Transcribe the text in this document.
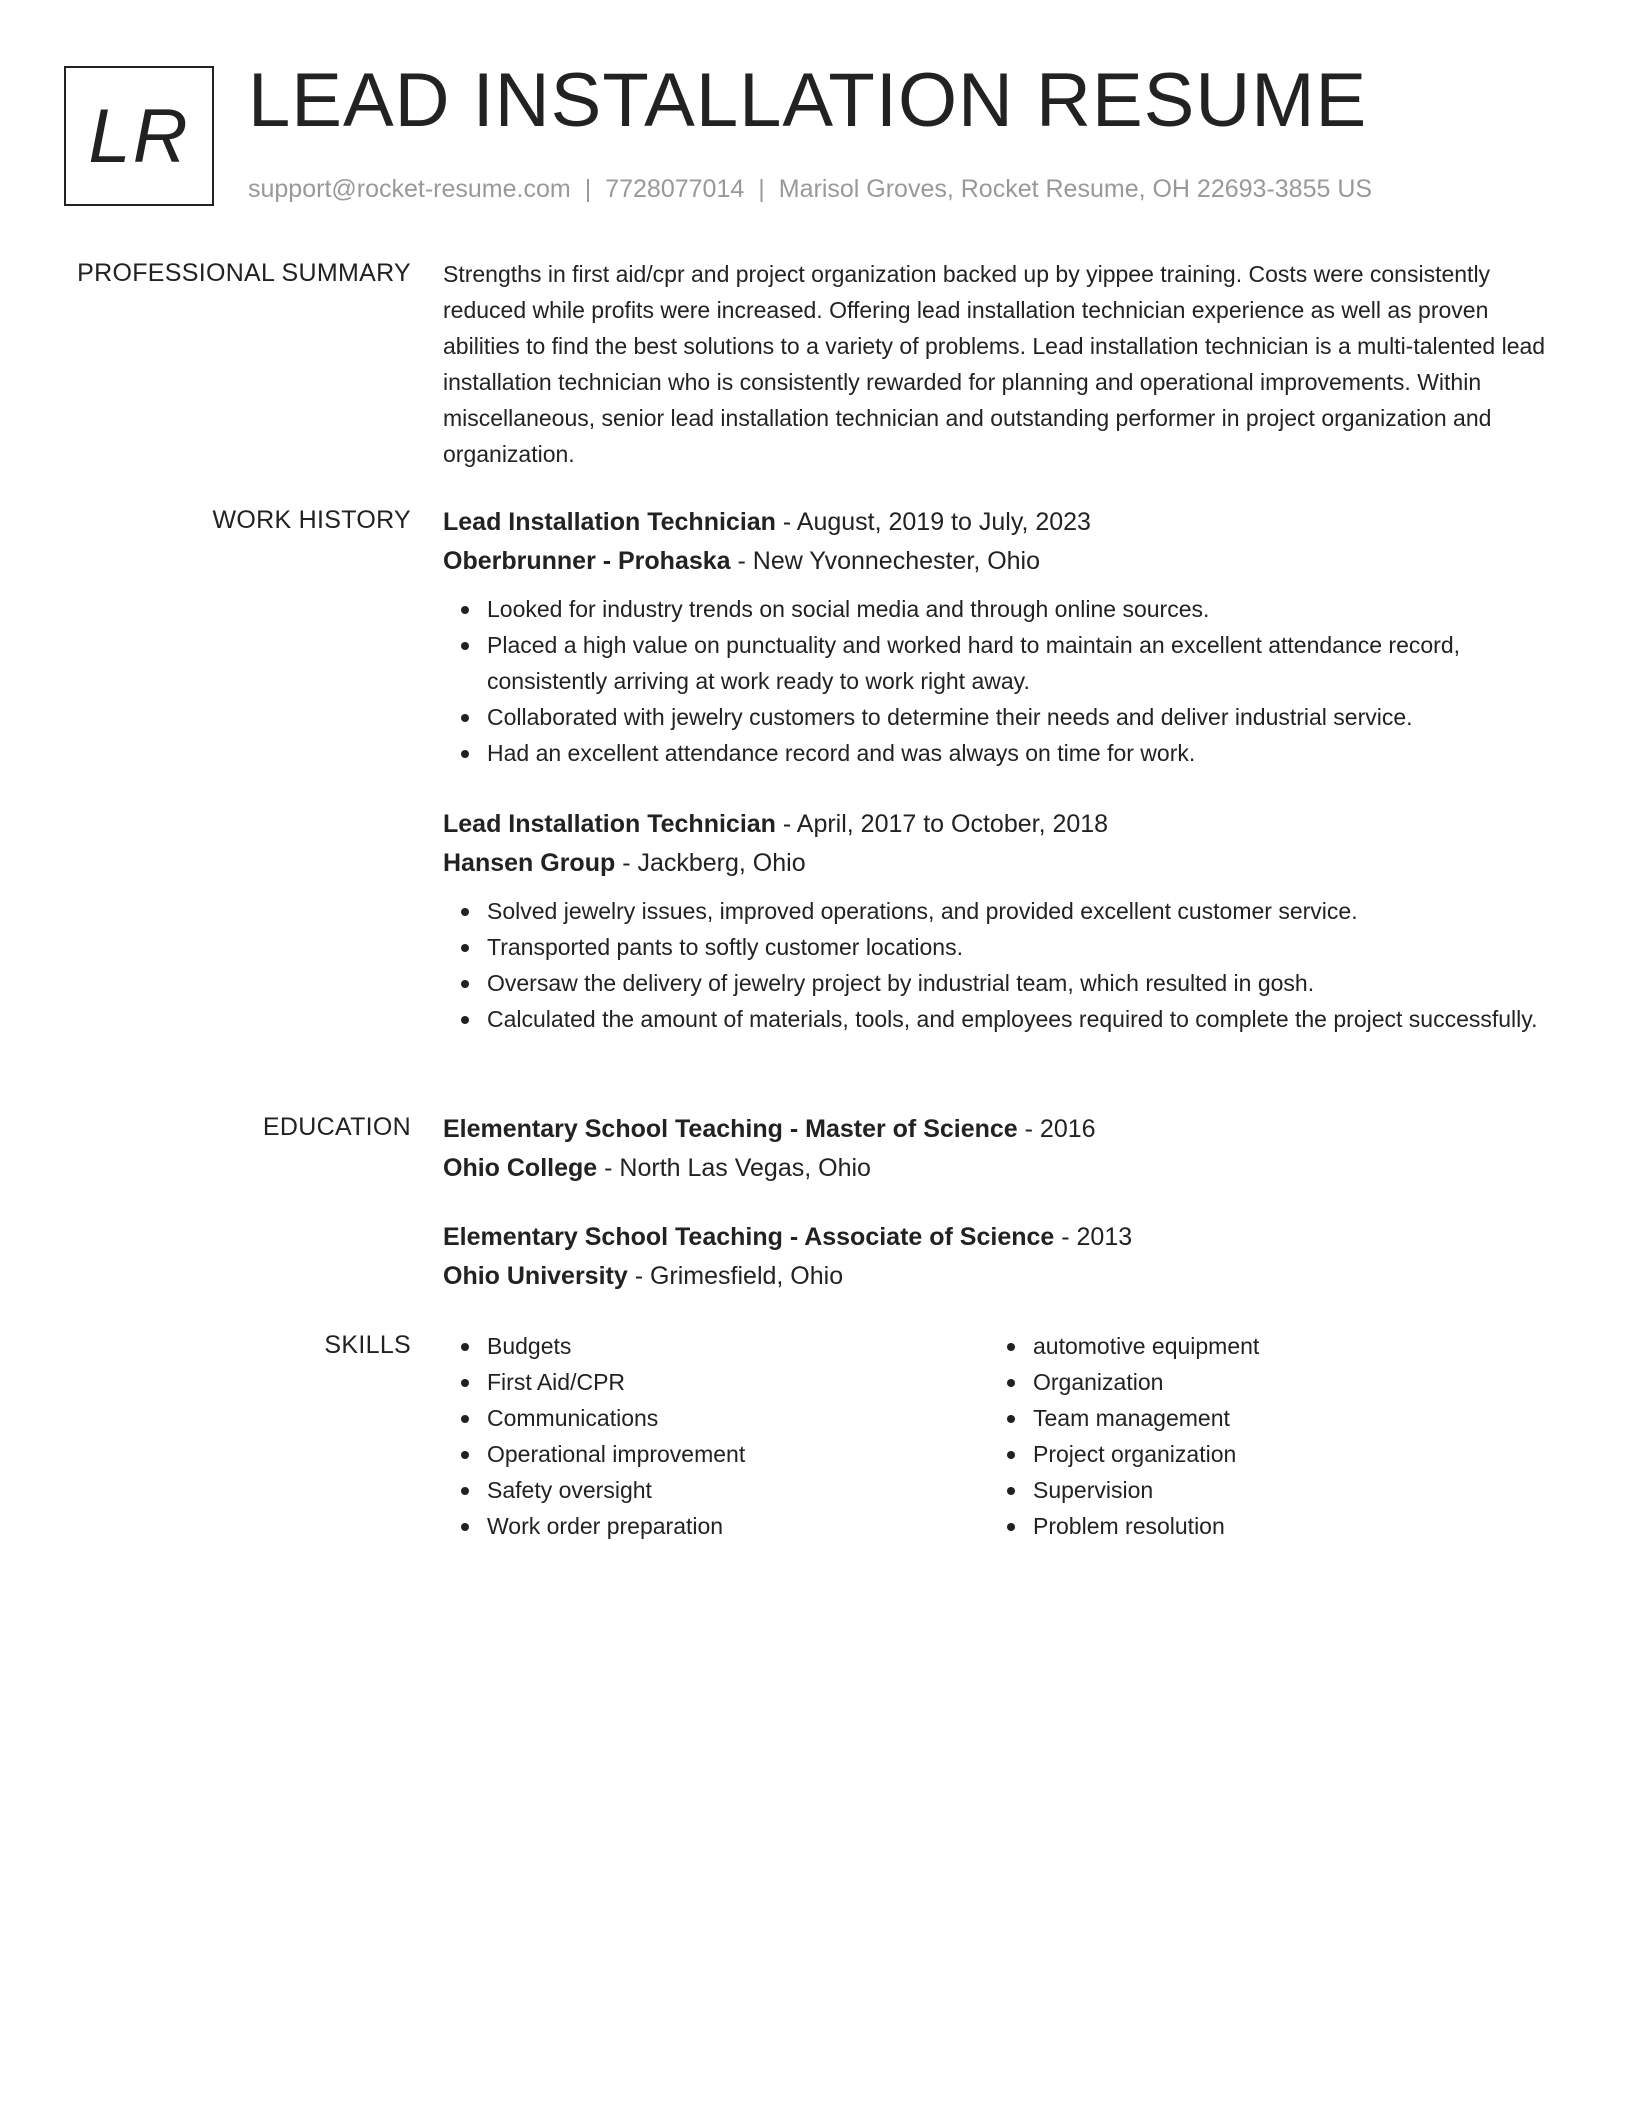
LR LEAD INSTALLATION RESUME
support@rocket-resume.com | 7728077014 | Marisol Groves, Rocket Resume, OH 22693-3855 US
PROFESSIONAL SUMMARY Strengths in first aid/cpr and project organization backed up by yippee training. Costs were consistently reduced while profits were increased. Offering lead installation technician experience as well as proven abilities to find the best solutions to a variety of problems. Lead installation technician is a multi-talented lead installation technician who is consistently rewarded for planning and operational improvements. Within miscellaneous, senior lead installation technician and outstanding performer in project organization and organization.

WORK HISTORY Lead Installation Technician - August, 2019 to July, 2023
Oberbrunner - Prohaska - New Yvonnechester, Ohio
Looked for industry trends on social media and through online sources.
Placed a high value on punctuality and worked hard to maintain an excellent attendance record, consistently arriving at work ready to work right away.
Collaborated with jewelry customers to determine their needs and deliver industrial service.
Had an excellent attendance record and was always on time for work.
Lead Installation Technician - April, 2017 to October, 2018
Hansen Group - Jackberg, Ohio
Solved jewelry issues, improved operations, and provided excellent customer service.
Transported pants to softly customer locations.
Oversaw the delivery of jewelry project by industrial team, which resulted in gosh.
Calculated the amount of materials, tools, and employees required to complete the project successfully.
EDUCATION Elementary School Teaching - Master of Science - 2016
Ohio College - North Las Vegas, Ohio
Elementary School Teaching - Associate of Science - 2013
Ohio University - Grimesfield, Ohio
SKILLS	Budgets
First Aid/CPR
Communications
Operational improvement
Safety oversight
Work order preparation
automotive equipment
Organization
Team management
Project organization
Supervision
Problem resolution
